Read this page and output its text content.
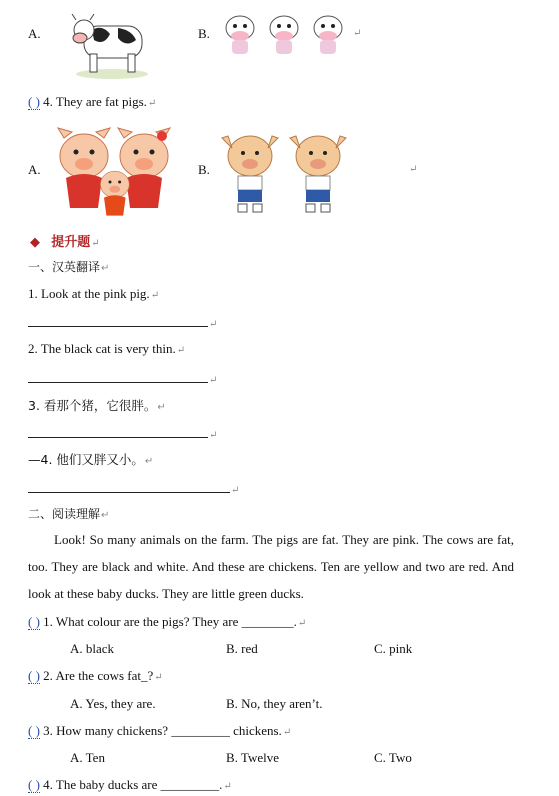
A.	B.	↵
( ) 4. They are fat pigs.↵
A.	B.	↵
◆ 提升题↵
一、汉英翻译↵
1. Look at the pink pig.↵
↵
2. The black cat is very thin.↵
↵
3. 看那个猪，它很胖。↵
↵
—4. 他们又胖又小。↵
↵
二、阅读理解↵
Look! So many animals on the farm. The pigs are fat. They are pink. The cows are fat, too. They are black and white. And these are chickens. Ten are yellow and two are red. And look at these baby ducks. They are little green ducks.
( ) 1. What colour are the pigs? They are ________.↵
A. black	B. red	C. pink
( ) 2. Are the cows fat_?↵
A. Yes, they are.	B. No, they aren’t.
( ) 3. How many chickens? _________ chickens.↵
A. Ten	B. Twelve	C. Two
( ) 4. The baby ducks are _________.↵
